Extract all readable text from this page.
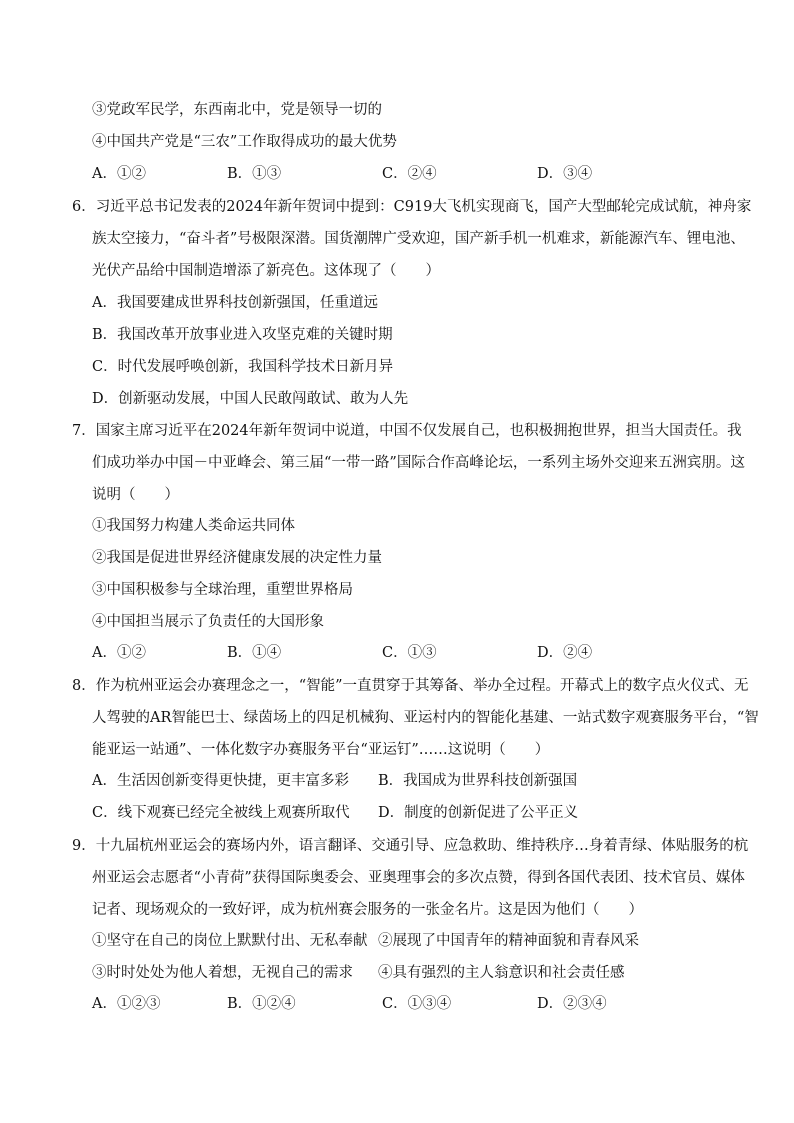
③党政军民学，东西南北中，党是领导一切的
④中国共产党是“三农”工作取得成功的最大优势
A．①②	B．①③	C．②④	D．③④
6．习近平总书记发表的2024年新年贺词中提到：C919大飞机实现商飞，国产大型邮轮完成试航，神舟家
族太空接力，“奋斗者”号极限深潜。国货潮牌广受欢迎，国产新手机一机难求，新能源汽车、锂电池、
光伏产品给中国制造增添了新亮色。这体现了（　　）
A．我国要建成世界科技创新强国，任重道远
B．我国改革开放事业进入攻坚克难的关键时期
C．时代发展呼唤创新，我国科学技术日新月异
D．创新驱动发展，中国人民敢闯敢试、敢为人先
7．国家主席习近平在2024年新年贺词中说道，中国不仅发展自己，也积极拥抱世界，担当大国责任。我
们成功举办中国－中亚峰会、第三届“一带一路”国际合作高峰论坛，一系列主场外交迎来五洲宾朋。这
说明（　　）
①我国努力构建人类命运共同体
②我国是促进世界经济健康发展的决定性力量
③中国积极参与全球治理，重塑世界格局
④中国担当展示了负责任的大国形象
A．①②	B．①④	C．①③	D．②④
8．作为杭州亚运会办赛理念之一，“智能”一直贯穿于其筹备、举办全过程。开幕式上的数字点火仪式、无
人驾驶的AR智能巴士、绿茵场上的四足机械狗、亚运村内的智能化基建、一站式数字观赛服务平台，“智
能亚运一站通”、一体化数字办赛服务平台“亚运钉”……这说明（　　）
A．生活因创新变得更快捷，更丰富多彩 B．我国成为世界科技创新强国
C．线下观赛已经完全被线上观赛所取代 D．制度的创新促进了公平正义
9．十九届杭州亚运会的赛场内外，语言翻译、交通引导、应急救助、维持秩序…身着青绿、体贴服务的杭
州亚运会志愿者“小青荷”获得国际奥委会、亚奥理事会的多次点赞，得到各国代表团、技术官员、媒体
记者、现场观众的一致好评，成为杭州赛会服务的一张金名片。这是因为他们（　　）
①坚守在自己的岗位上默默付出、无私奉献 ②展现了中国青年的精神面貌和青春风采
③时时处处为他人着想，无视自己的需求 ④具有强烈的主人翁意识和社会责任感
A．①②③	B．①②④	C．①③④	D．②③④
